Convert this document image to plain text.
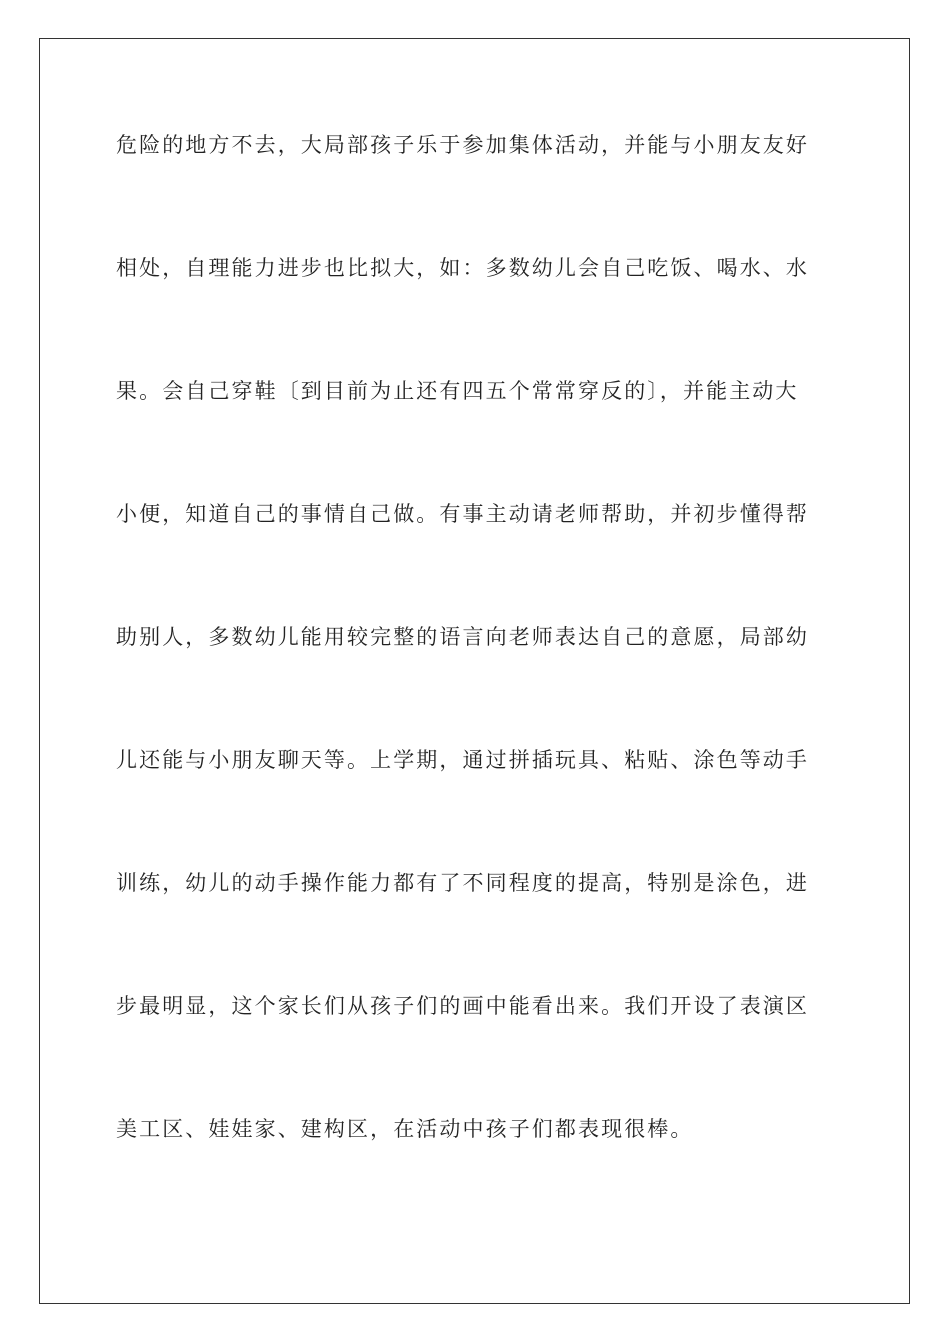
危险的地方不去，大局部孩子乐于参加集体活动，并能与小朋友友好
相处，自理能力进步也比拟大，如：多数幼儿会自己吃饭、喝水、水
果。会自己穿鞋〔到目前为止还有四五个常常穿反的〕，并能主动大
小便，知道自己的事情自己做。有事主动请老师帮助，并初步懂得帮
助别人，多数幼儿能用较完整的语言向老师表达自己的意愿，局部幼
儿还能与小朋友聊天等。上学期，通过拼插玩具、粘贴、涂色等动手
训练，幼儿的动手操作能力都有了不同程度的提高，特别是涂色，进
步最明显，这个家长们从孩子们的画中能看出来。我们开设了表演区
美工区、娃娃家、建构区，在活动中孩子们都表现很棒。
